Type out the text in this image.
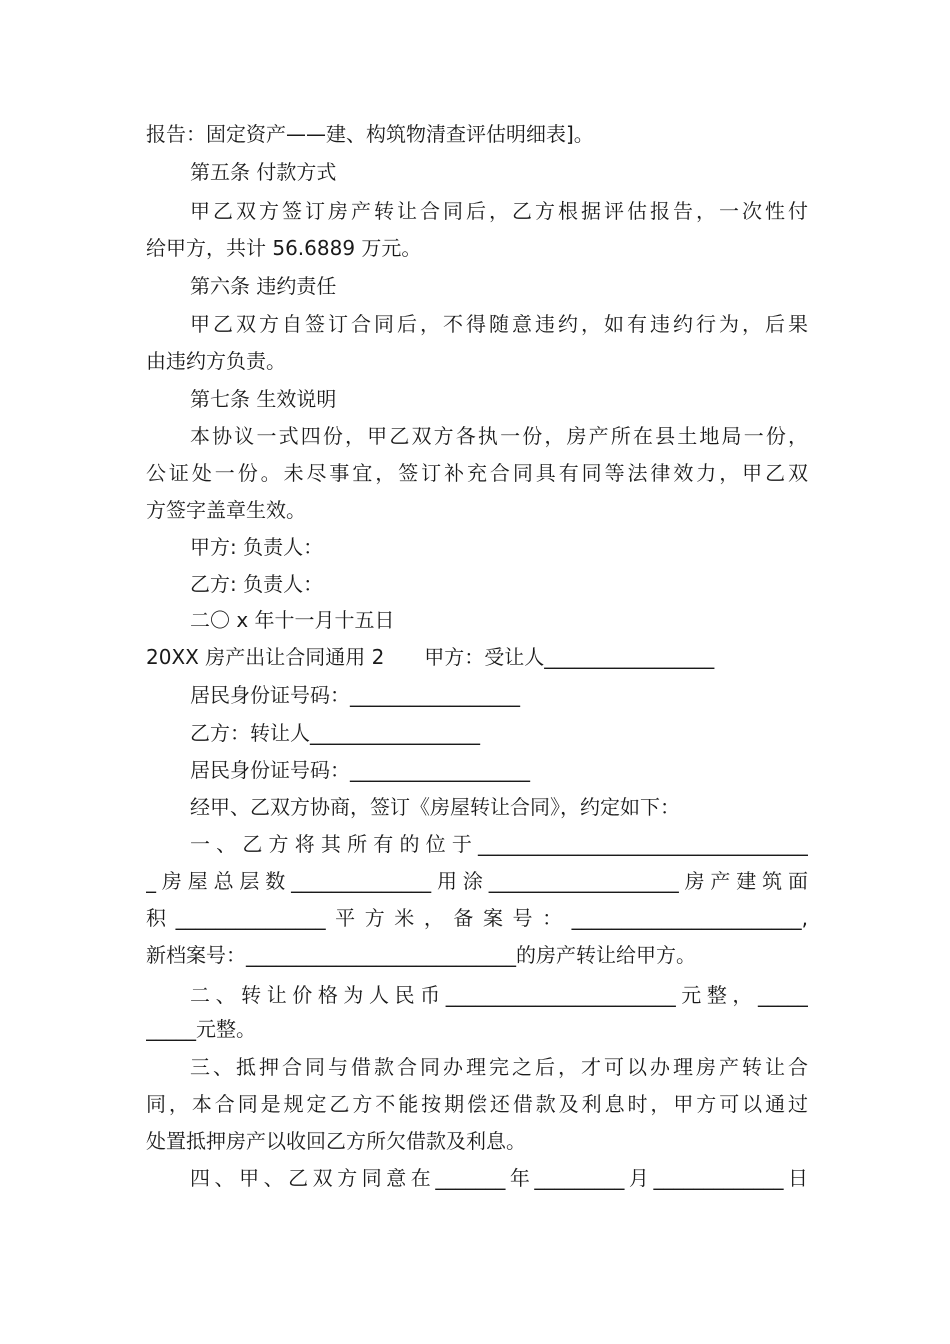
报告：固定资产——建、构筑物清查评估明细表]。
第五条 付款方式
甲乙双方签订房产转让合同后，乙方根据评估报告，一次性付
给甲方，共计 56.6889 万元。
第六条 违约责任
甲乙双方自签订合同后，不得随意违约，如有违约行为，后果
由违约方负责。
第七条 生效说明
本协议一式四份，甲乙双方各执一份，房产所在县土地局一份，
公证处一份。未尽事宜，签订补充合同具有同等法律效力，甲乙双
方签字盖章生效。
甲方: 负责人：
乙方: 负责人：
二〇 x 年十一月十五日
20XX 房产出让合同通用 2　　甲方：受让人_________________
居民身份证号码：_________________
乙方：转让人_________________
居民身份证号码：__________________
经甲、乙双方协商，签订《房屋转让合同》，约定如下：
一、乙方将其所有的位于_________________________________
_房屋总层数______________用涂___________________房产建筑面
积_______________平方米，备案号：_______________________,
新档案号：___________________________的房产转让给甲方。
二、转让价格为人民币_______________________元整，_____
_____元整。
三、抵押合同与借款合同办理完之后，才可以办理房产转让合
同，本合同是规定乙方不能按期偿还借款及利息时，甲方可以通过
处置抵押房产以收回乙方所欠借款及利息。
四、甲、乙双方同意在_______年_________月_____________日
